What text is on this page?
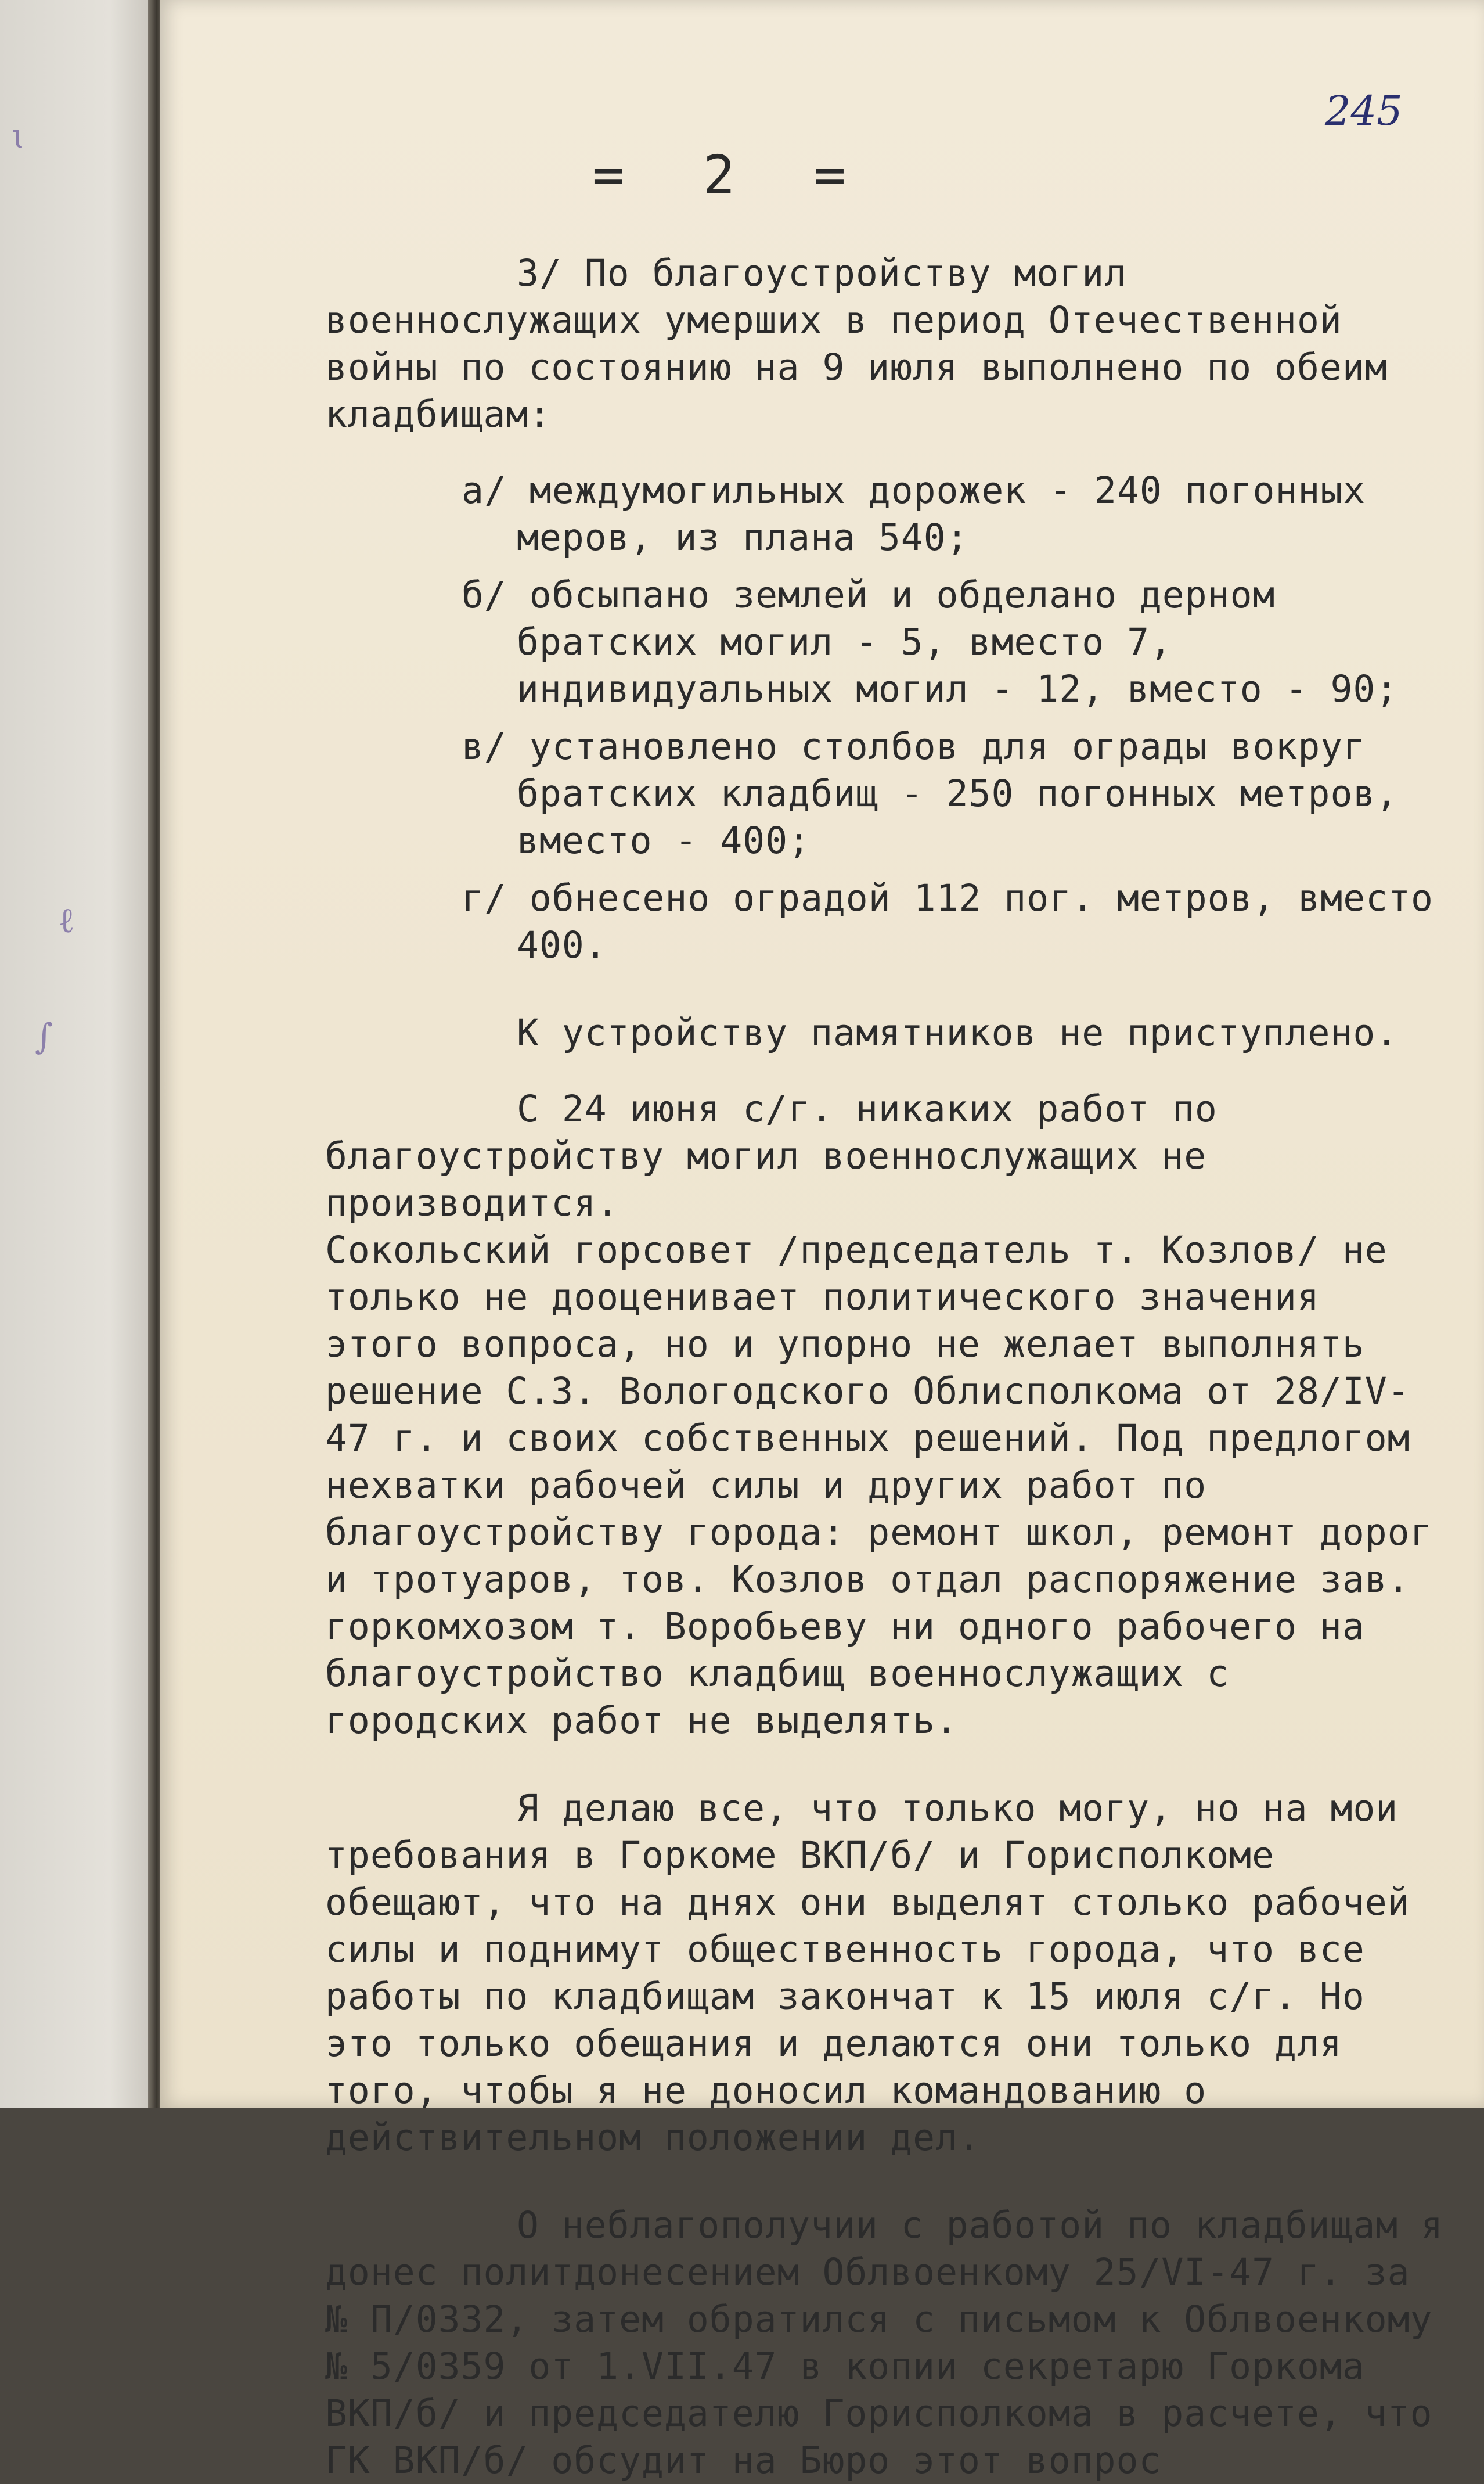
ɩ
ℓ
∫
245
= 2 =
3/ По благоустройству могил военнослужащих умерших в период Отечественной войны по состоянию на 9 июля выполнено по обеим кладбищам:
а/ междумогильных дорожек - 240 погонных меров, из плана 540;
б/ обсыпано землей и обделано дерном братских могил - 5, вместо 7, индивидуальных могил - 12, вместо - 90;
в/ установлено столбов для ограды вокруг братских кладбищ - 250 погонных метров, вместо - 400;
г/ обнесено оградой 112 пог. метров, вместо 400.
К устройству памятников не приступлено.
С 24 июня с/г. никаких работ по благоустройству могил военнослужащих не производится.
Сокольский горсовет /председатель т. Козлов/ не только не дооценивает политического значения этого вопроса, но и упорно не желает выполнять решение С.З. Вологодского Облисполкома от 28/IV-47 г. и своих собственных решений. Под предлогом нехватки рабочей силы и других работ по благоустройству города: ремонт школ, ремонт дорог и тротуаров, тов. Козлов отдал распоряжение зав. горкомхозом т. Воробьеву ни одного рабочего на благоустройство кладбищ военнослужащих с городских работ не выделять.
Я делаю все, что только могу, но на мои требования в Горкоме ВКП/б/ и Горисполкоме обещают, что на днях они выделят столько рабочей силы и поднимут общественность города, что все работы по кладбищам закончат к 15 июля с/г. Но это только обещания и делаются они только для того, чтобы я не доносил командованию о действительном положении дел.
О неблагополучии с работой по кладбищам я донес политдонесением Облвоенкому 25/VI-47 г. за № П/0332, затем обратился с письмом к Облвоенкому № 5/0359 от 1.VII.47 в копии секретарю Горкома ВКП/б/ и председателю Горисполкома в расчете, что ГК ВКП/б/ обсудит на Бюро этот вопрос
